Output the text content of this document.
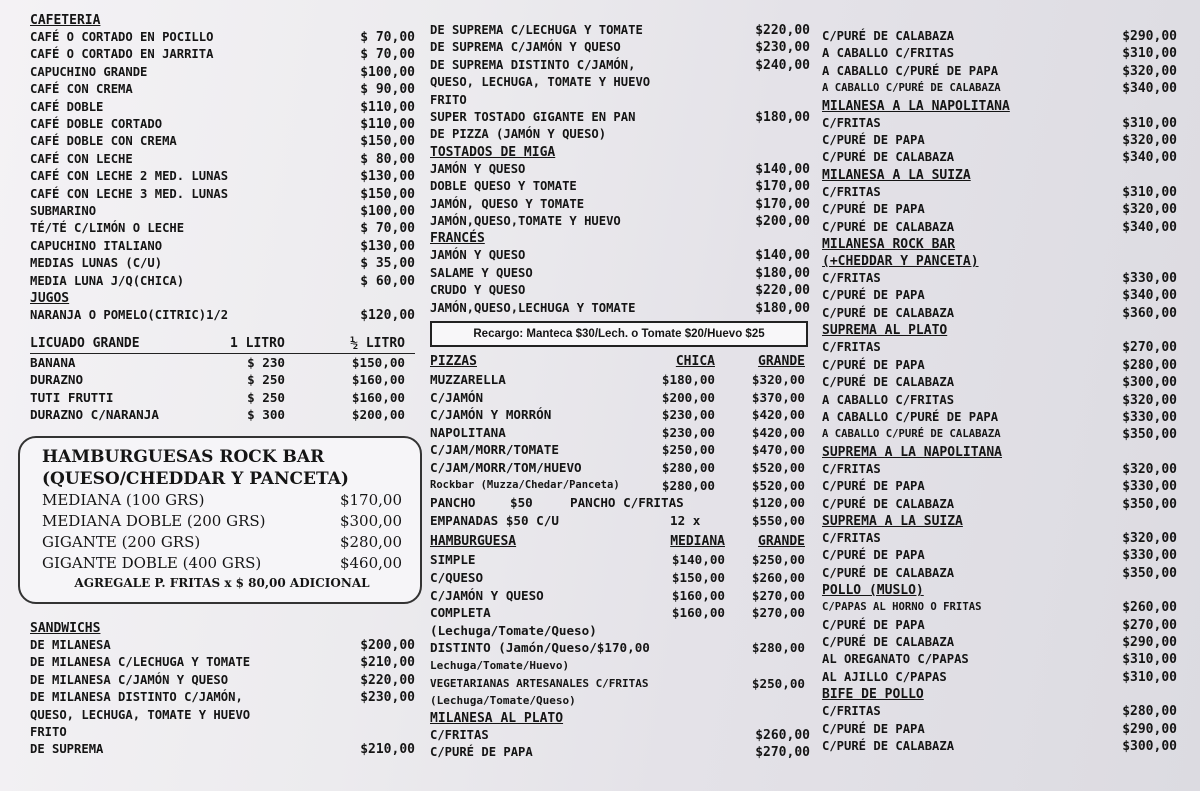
CAFETERIA
CAFÉ O CORTADO EN POCILLO	$ 70,00
CAFÉ O CORTADO EN JARRITA	$ 70,00
CAPUCHINO GRANDE	$100,00
CAFÉ CON CREMA	$ 90,00
CAFÉ DOBLE	$110,00
CAFÉ DOBLE CORTADO	$110,00
CAFÉ DOBLE CON CREMA	$150,00
CAFÉ CON LECHE	$ 80,00
CAFÉ CON LECHE 2 MED. LUNAS	$130,00
CAFÉ CON LECHE 3 MED. LUNAS	$150,00
SUBMARINO	$100,00
TÉ/TÉ C/LIMÓN O LECHE	$ 70,00
CAPUCHINO ITALIANO	$130,00
MEDIAS LUNAS (C/U)	$ 35,00
MEDIA LUNA J/Q(CHICA)	$ 60,00
JUGOS
NARANJA O POMELO(CITRIC)1/2	$120,00
LICUADO GRANDE	1 LITRO	½ LITRO
BANANA	$ 230	$150,00
DURAZNO	$ 250	$160,00
TUTI FRUTTI	$ 250	$160,00
DURAZNO C/NARANJA	$ 300	$200,00
HAMBURGUESAS ROCK BAR
(QUESO/CHEDDAR Y PANCETA)
MEDIANA (100 GRS)	$170,00
MEDIANA DOBLE (200 GRS)	$300,00
GIGANTE (200 GRS)	$280,00
GIGANTE DOBLE (400 GRS)	$460,00
AGREGALE P. FRITAS x $ 80,00 ADICIONAL
SANDWICHS
DE MILANESA	$200,00
DE MILANESA C/LECHUGA Y TOMATE	$210,00
DE MILANESA C/JAMÓN Y QUESO	$220,00
DE MILANESA DISTINTO C/JAMÓN,	$230,00
QUESO, LECHUGA, TOMATE Y HUEVO
FRITO
DE SUPREMA	$210,00
DE SUPREMA C/LECHUGA Y TOMATE	$220,00
DE SUPREMA C/JAMÓN Y QUESO	$230,00
DE SUPREMA DISTINTO C/JAMÓN,	$240,00
QUESO, LECHUGA, TOMATE Y HUEVO
FRITO
SUPER TOSTADO GIGANTE EN PAN	$180,00
DE PIZZA (JAMÓN Y QUESO)
TOSTADOS DE MIGA
JAMÓN Y QUESO	$140,00
DOBLE QUESO Y TOMATE	$170,00
JAMÓN, QUESO Y TOMATE	$170,00
JAMÓN,QUESO,TOMATE Y HUEVO	$200,00
FRANCÉS
JAMÓN Y QUESO	$140,00
SALAME Y QUESO	$180,00
CRUDO Y QUESO	$220,00
JAMÓN,QUESO,LECHUGA Y TOMATE	$180,00
Recargo: Manteca $30/Lech. o Tomate $20/Huevo $25
PIZZAS	CHICA	GRANDE
MUZZARELLA	$180,00	$320,00
C/JAMÓN	$200,00	$370,00
C/JAMÓN Y MORRÓN	$230,00	$420,00
NAPOLITANA	$230,00	$420,00
C/JAM/MORR/TOMATE	$250,00	$470,00
C/JAM/MORR/TOM/HUEVO	$280,00	$520,00
Rockbar (Muzza/Chedar/Panceta)	$280,00	$520,00
PANCHO	$50	PANCHO C/FRITAS	$120,00
EMPANADAS $50 C/U	12 x	$550,00
HAMBURGUESA	MEDIANA	GRANDE
SIMPLE	$140,00	$250,00
C/QUESO	$150,00	$260,00
C/JAMÓN Y QUESO	$160,00	$270,00
COMPLETA	$160,00	$270,00
(Lechuga/Tomate/Queso)
DISTINTO (Jamón/Queso/$170,00	$280,00
Lechuga/Tomate/Huevo)
VEGETARIANAS ARTESANALES C/FRITAS	$250,00
(Lechuga/Tomate/Queso)
MILANESA AL PLATO
C/FRITAS	$260,00
C/PURÉ DE PAPA	$270,00
C/PURÉ DE CALABAZA	$290,00
A CABALLO C/FRITAS	$310,00
A CABALLO C/PURÉ DE PAPA	$320,00
A CABALLO C/PURÉ DE CALABAZA	$340,00
MILANESA A LA NAPOLITANA
C/FRITAS	$310,00
C/PURÉ DE PAPA	$320,00
C/PURÉ DE CALABAZA	$340,00
MILANESA A LA SUIZA
C/FRITAS	$310,00
C/PURÉ DE PAPA	$320,00
C/PURÉ DE CALABAZA	$340,00
MILANESA ROCK BAR
(+CHEDDAR Y PANCETA)
C/FRITAS	$330,00
C/PURÉ DE PAPA	$340,00
C/PURÉ DE CALABAZA	$360,00
SUPREMA AL PLATO
C/FRITAS	$270,00
C/PURÉ DE PAPA	$280,00
C/PURÉ DE CALABAZA	$300,00
A CABALLO C/FRITAS	$320,00
A CABALLO C/PURÉ DE PAPA	$330,00
A CABALLO C/PURÉ DE CALABAZA	$350,00
SUPREMA A LA NAPOLITANA
C/FRITAS	$320,00
C/PURÉ DE PAPA	$330,00
C/PURÉ DE CALABAZA	$350,00
SUPREMA A LA SUIZA
C/FRITAS	$320,00
C/PURÉ DE PAPA	$330,00
C/PURÉ DE CALABAZA	$350,00
POLLO (MUSLO)
C/PAPAS AL HORNO O FRITAS	$260,00
C/PURÉ DE PAPA	$270,00
C/PURÉ DE CALABAZA	$290,00
AL OREGANATO C/PAPAS	$310,00
AL AJILLO C/PAPAS	$310,00
BIFE DE POLLO
C/FRITAS	$280,00
C/PURÉ DE PAPA	$290,00
C/PURÉ DE CALABAZA	$300,00
